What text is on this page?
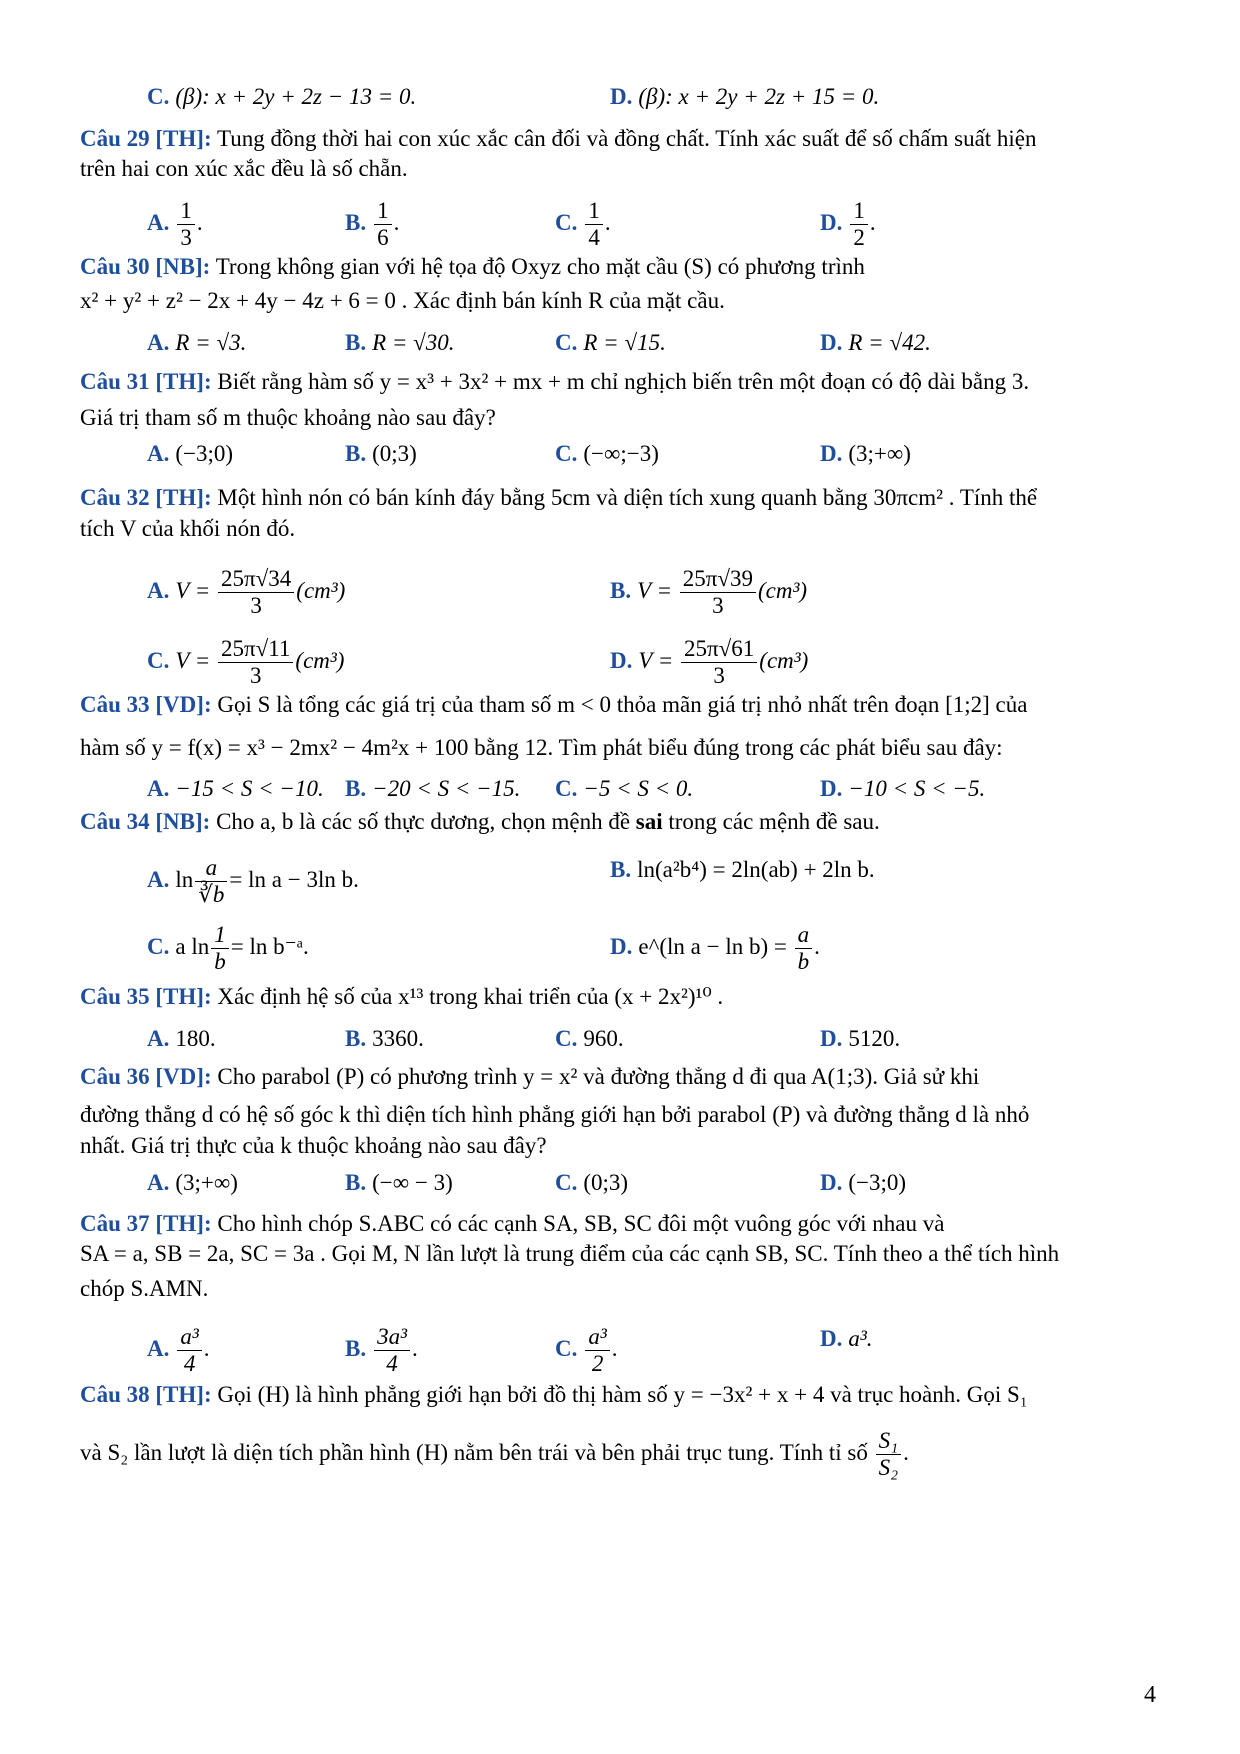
C. (β): x + 2y + 2z − 13 = 0.	D. (β): x + 2y + 2z + 15 = 0.
Câu 29 [TH]: Tung đồng thời hai con xúc xắc cân đối và đồng chất. Tính xác suất để số chấm suất hiện
trên hai con xúc xắc đều là số chẵn.
A. $\frac{1}{3}$ .	B. $\frac{1}{6}$ .	C. $\frac{1}{4}$ .	D. $\frac{1}{2}$ .
Câu 30 [NB]: Trong không gian với hệ tọa độ Oxyz cho mặt cầu (S) có phương trình
x² + y² + z² − 2x + 4y − 4z + 6 = 0 . Xác định bán kính R của mặt cầu.
A. R = √3.	B. R = √30.	C. R = √15.	D. R = √42.
Câu 31 [TH]: Biết rằng hàm số y = x³ + 3x² + mx + m chỉ nghịch biến trên một đoạn có độ dài bằng 3.
Giá trị tham số m thuộc khoảng nào sau đây?
A. (−3;0)	B. (0;3)	C. (−∞;−3)	D. (3;+∞)
Câu 32 [TH]: Một hình nón có bán kính đáy bằng 5cm và diện tích xung quanh bằng 30πcm² . Tính thể
tích V của khối nón đó.
A. $V = \frac{25\pi√34}{3} (cm^3)$	B. $V = \frac{25\pi√39}{3} (cm^3)$
C. $V = \frac{25\pi√11}{3} (cm^3)$	D. $V = \frac{25\pi√61}{3} (cm^3)$
Câu 33 [VD]: Gọi S là tổng các giá trị của tham số m < 0 thỏa mãn giá trị nhỏ nhất trên đoạn [1;2] của
hàm số y = f(x) = x³ − 2mx² − 4m²x + 100 bằng 12. Tìm phát biểu đúng trong các phát biểu sau đây:
A. −15 < S < −10. B. −20 < S < −15. C. −5 < S < 0.	D. −10 < S < −5.
Câu 34 [NB]: Cho a, b là các số thực dương, chọn mệnh đề sai trong các mệnh đề sau.
A. $\ln \frac{a}{∛b} = \ln a - 3\ln$ b.	B. ln(a²b⁴) = 2ln(ab) + 2ln b.
C. a $\ln \frac{1}{b} = \ln$ b⁻ᵃ.	D. e^(ln $a - \ln b) = \frac{a}{b}$ .
Câu 35 [TH]: Xác định hệ số của x¹³ trong khai triển của (x + 2x²)¹⁰ .
A. 180.	B. 3360.	C. 960.	D. 5120.
Câu 36 [VD]: Cho parabol (P) có phương trình y = x² và đường thẳng d đi qua A(1;3). Giả sử khi
đường thẳng d có hệ số góc k thì diện tích hình phẳng giới hạn bởi parabol (P) và đường thẳng d là nhỏ
nhất. Giá trị thực của k thuộc khoảng nào sau đây?
A. (3;+∞)	B. (−∞ − 3)	C. (0;3)	D. (−3;0)
Câu 37 [TH]: Cho hình chóp S.ABC có các cạnh SA, SB, SC đôi một vuông góc với nhau và
SA = a, SB = 2a, SC = 3a . Gọi M, N lần lượt là trung điểm của các cạnh SB, SC. Tính theo a thể tích hình
chóp S.AMN.
A. $\frac{\text{a³}}{4}$ .	B. $\frac{\text{3a³}}{4}$ .	C. $\frac{\text{a³}}{2}$ .	D. a³.
Câu 38 [TH]: Gọi (H) là hình phẳng giới hạn bởi đồ thị hàm số y = −3x² + x + 4 và trục hoành. Gọi S₁
và S₂ lần lượt là diện tích phần hình (H) nằm bên trái và bên phải trục tung. Tính tỉ số $\frac{\text{S₁}}{\text{S₂}}$ .
4
